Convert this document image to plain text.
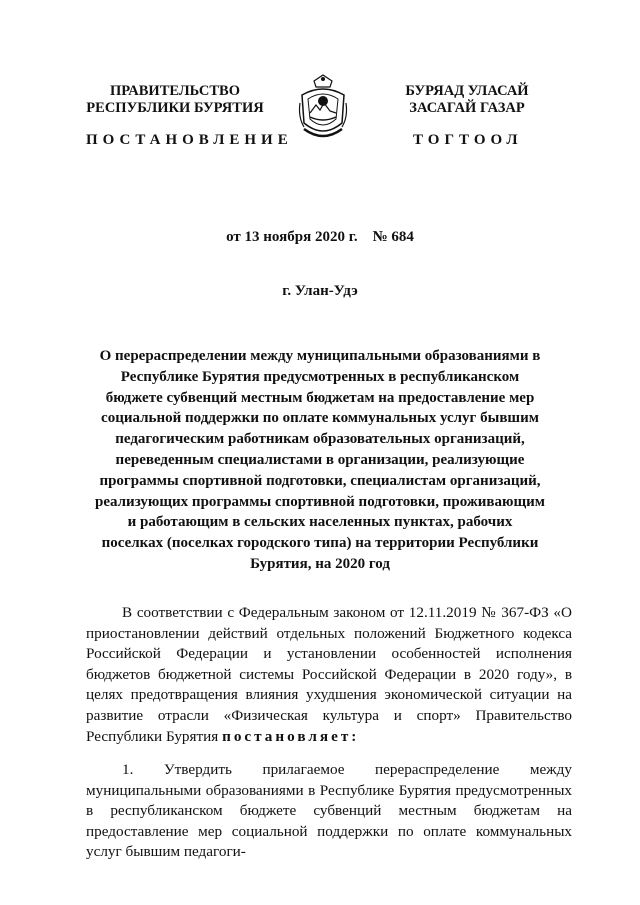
ПРАВИТЕЛЬСТВО
РЕСПУБЛИКИ БУРЯТИЯ
БУРЯАД УЛАСАЙ
ЗАСАГАЙ ГАЗАР
ПОСТАНОВЛЕНИЕ	ТОГТООЛ
от 13 ноября 2020 г.    № 684
г. Улан-Удэ
О перераспределении между муниципальными образованиями в Республике Бурятия предусмотренных в республиканском бюджете субвенций местным бюджетам на предоставление мер социальной поддержки по оплате коммунальных услуг бывшим педагогическим работникам образовательных организаций, переведенным специалистами в организации, реализующие программы спортивной подготовки, специалистам организаций, реализующих программы спортивной подготовки, проживающим и работающим в сельских населенных пунктах, рабочих поселках (поселках городского типа) на территории Республики Бурятия, на 2020 год
В соответствии с Федеральным законом от 12.11.2019 № 367-ФЗ «О приостановлении действий отдельных положений Бюджетного кодекса Российской Федерации и установлении особенностей исполнения бюджетов бюджетной системы Российской Федерации в 2020 году», в целях предотвращения влияния ухудшения экономической ситуации на развитие отрасли «Физическая культура и спорт» Правительство Республики Бурятия постановляет:
1. Утвердить прилагаемое перераспределение между муниципальными образованиями в Республике Бурятия предусмотренных в республиканском бюджете субвенций местным бюджетам на предоставление мер социальной поддержки по оплате коммунальных услуг бывшим педагоги-
